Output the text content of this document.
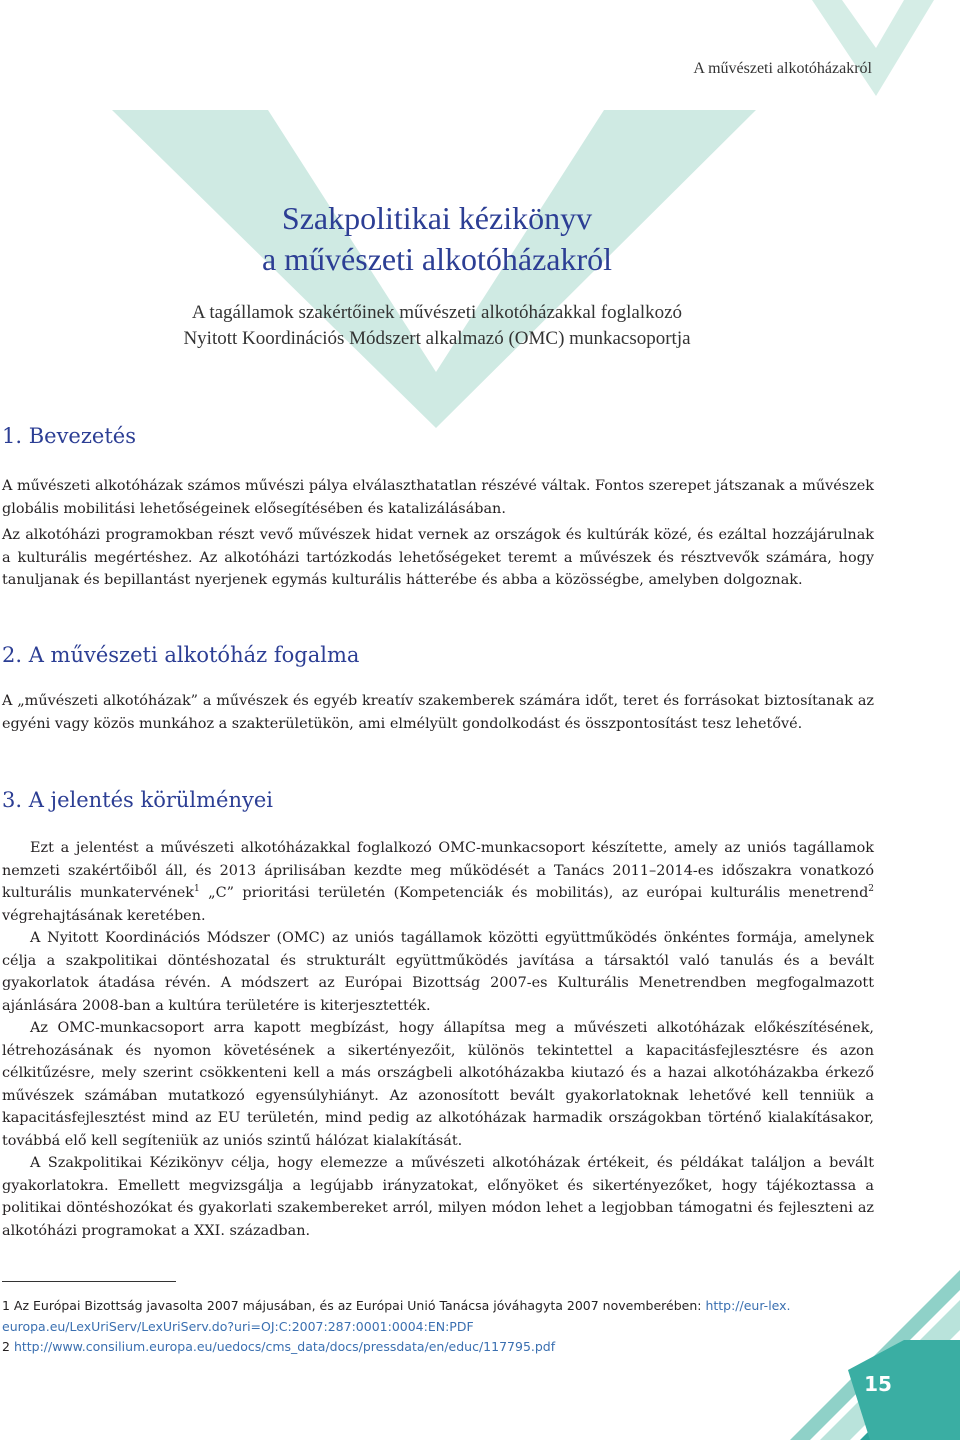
A művészeti alkotóházakról
Szakpolitikai kézikönyv
a művészeti alkotóházakról
A tagállamok szakértőinek művészeti alkotóházakkal foglalkozó
Nyitott Koordinációs Módszert alkalmazó (OMC) munkacsoportja
1. Bevezetés
A művészeti alkotóházak számos művészi pálya elválaszthatatlan részévé váltak. Fontos szerepet játszanak a művészek globális mobilitási lehetőségeinek elősegítésében és katalizálásában.
Az alkotóházi programokban részt vevő művészek hidat vernek az országok és kultúrák közé, és ezáltal hozzájárulnak a kulturális megértéshez. Az alkotóházi tartózkodás lehetőségeket teremt a művészek és résztvevők számára, hogy tanuljanak és bepillantást nyerjenek egymás kulturális hátterébe és abba a közösségbe, amelyben dolgoznak.
2. A művészeti alkotóház fogalma
A „művészeti alkotóházak” a művészek és egyéb kreatív szakemberek számára időt, teret és forrásokat biztosítanak az egyéni vagy közös munkához a szakterületükön, ami elmélyült gondolkodást és összpontosítást tesz lehetővé.
3. A jelentés körülményei

Ezt a jelentést a művészeti alkotóházakkal foglalkozó OMC-munkacsoport készítette, amely az uniós tagállamok nemzeti szakértőiből áll, és 2013 áprilisában kezdte meg működését a Tanács 2011–2014-es időszakra vonatkozó kulturális munkatervének$^1$ „C” prioritási területén (Kompetenciák és mobilitás), az európai kulturális menetrend$^2$ végrehajtásának keretében.

A Nyitott Koordinációs Módszer (OMC) az uniós tagállamok közötti együttműködés önkéntes formája, amelynek célja a szakpolitikai döntéshozatal és strukturált együttműködés javítása a társaktól való tanulás és a bevált gyakorlatok átadása révén. A módszert az Európai Bizottság 2007-es Kulturális Menetrendben megfogalmazott ajánlására 2008-ban a kultúra területére is kiterjesztették.

Az OMC-munkacsoport arra kapott megbízást, hogy állapítsa meg a művészeti alkotóházak előkészítésének, létrehozásának és nyomon követésének a sikertényezőit, különös tekintettel a kapacitásfejlesztésre és azon célkitűzésre, mely szerint csökkenteni kell a más országbeli alkotóházakba kiutazó és a hazai alkotóházakba érkező művészek számában mutatkozó egyensúlyhiányt. Az azonosított bevált gyakorlatoknak lehetővé kell tenniük a kapacitásfejlesztést mind az EU területén, mind pedig az alkotóházak harmadik országokban történő kialakításakor, továbbá elő kell segíteniük az uniós szintű hálózat kialakítását.

A Szakpolitikai Kézikönyv célja, hogy elemezze a művészeti alkotóházak értékeit, és példákat találjon a bevált gyakorlatokra. Emellett megvizsgálja a legújabb irányzatokat, előnyöket és sikertényezőket, hogy tájékoztassa a politikai döntéshozókat és gyakorlati szakembereket arról, milyen módon lehet a legjobban támogatni és fejleszteni az alkotóházi programokat a XXI. században.

1 Az Európai Bizottság javasolta 2007 májusában, és az Európai Unió Tanácsa jóváhagyta 2007 novemberében: http://eur-lex.
europa.eu/LexUriServ/LexUriServ.do?uri=OJ:C:2007:287:0001:0004:EN:PDF
2 http://www.consilium.europa.eu/uedocs/cms_data/docs/pressdata/en/educ/117795.pdf
15
